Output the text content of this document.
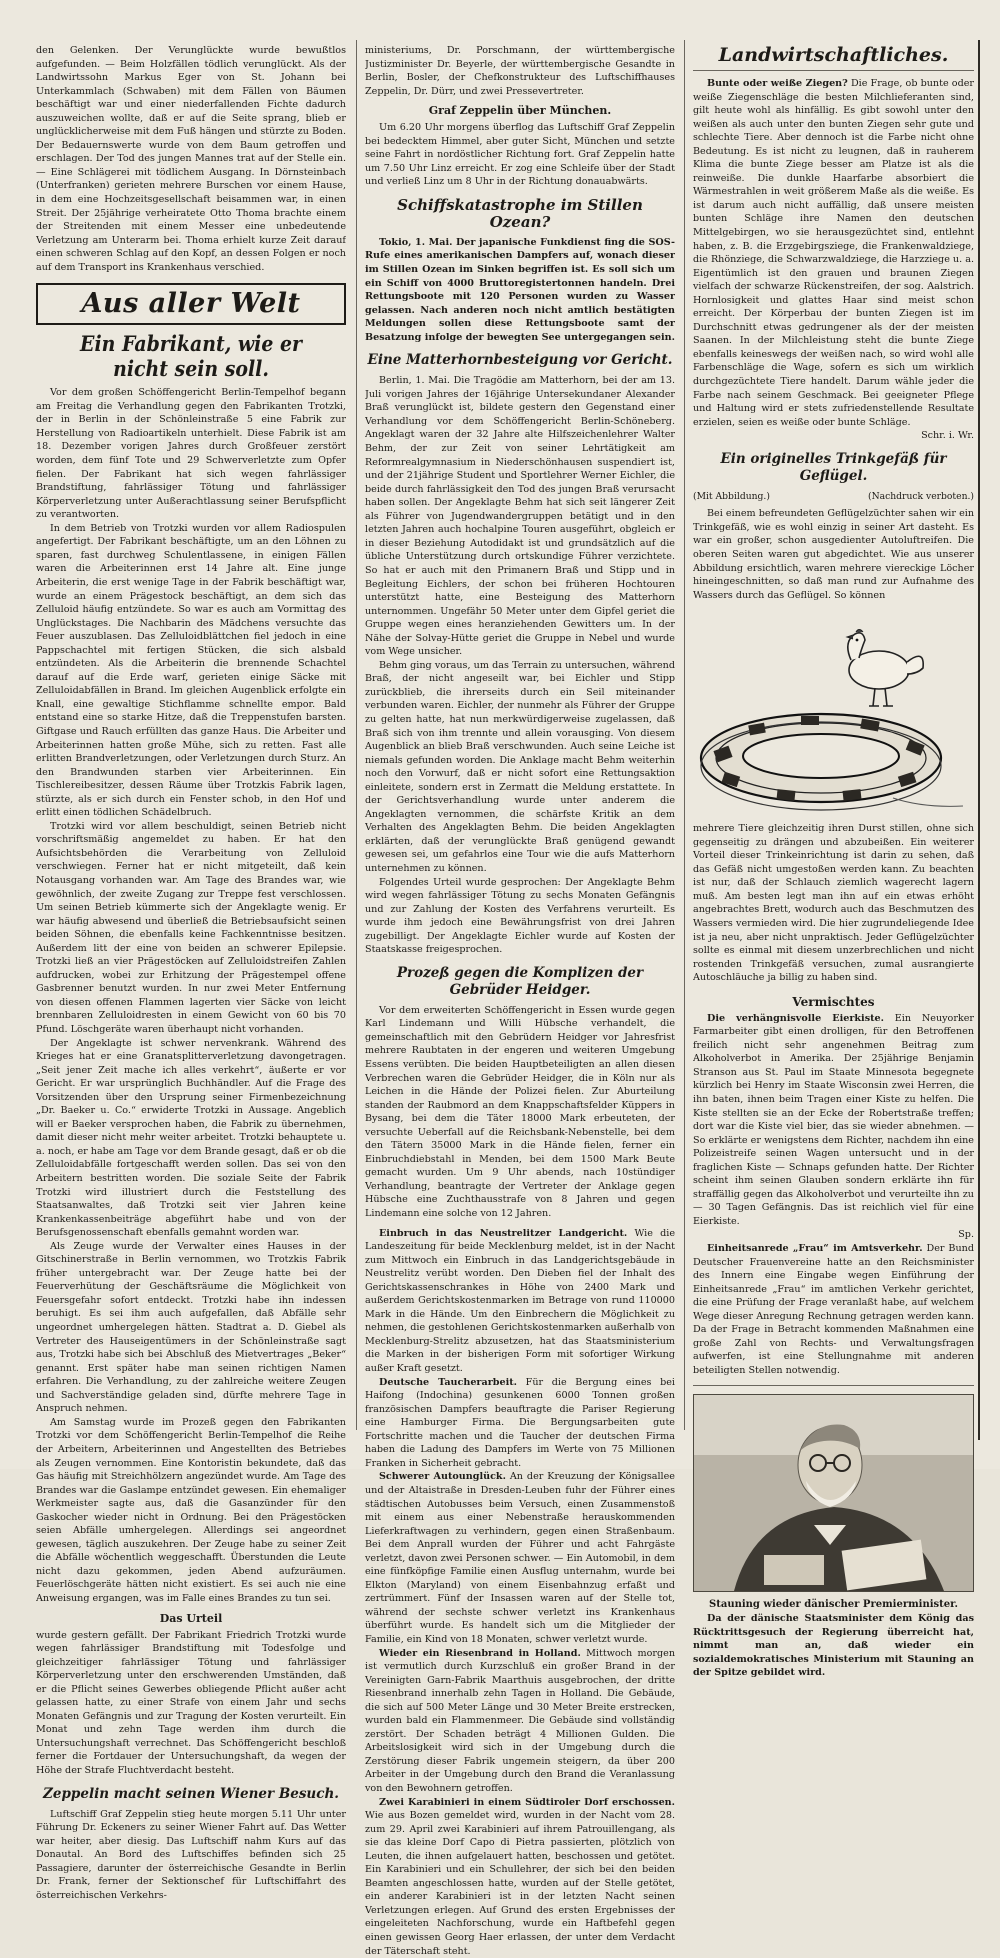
den Gelenken. Der Verunglückte wurde bewußtlos aufgefunden. — Beim Holzfällen tödlich verunglückt. Als der Landwirtssohn Markus Eger von St. Johann bei Unterkammlach (Schwaben) mit dem Fällen von Bäumen beschäftigt war und einer niederfallenden Fichte dadurch auszuweichen wollte, daß er auf die Seite sprang, blieb er unglücklicherweise mit dem Fuß hängen und stürzte zu Boden. Der Bedauernswerte wurde von dem Baum getroffen und erschlagen. Der Tod des jungen Mannes trat auf der Stelle ein. — Eine Schlägerei mit tödlichem Ausgang. In Dörnsteinbach (Unterfranken) gerieten mehrere Burschen vor einem Hause, in dem eine Hochzeitsgesellschaft beisammen war, in einen Streit. Der 25jährige verheiratete Otto Thoma brachte einem der Streitenden mit einem Messer eine unbedeutende Verletzung am Unterarm bei. Thoma erhielt kurze Zeit darauf einen schweren Schlag auf den Kopf, an dessen Folgen er noch auf dem Transport ins Krankenhaus verschied.

Aus aller Welt
Ein Fabrikant, wie er nicht sein soll.

Vor dem großen Schöffengericht Berlin-Tempelhof begann am Freitag die Verhandlung gegen den Fabrikanten Trotzki, der in Berlin in der Schönleinstraße 5 eine Fabrik zur Herstellung von Radioartikeln unterhielt. Diese Fabrik ist am 18. Dezember vorigen Jahres durch Großfeuer zerstört worden, dem fünf Tote und 29 Schwerverletzte zum Opfer fielen. Der Fabrikant hat sich wegen fahrlässiger Brandstiftung, fahrlässiger Tötung und fahrlässiger Körperverletzung unter Außerachtlassung seiner Berufspflicht zu verantworten.

In dem Betrieb von Trotzki wurden vor allem Radiospulen angefertigt. Der Fabrikant beschäftigte, um an den Löhnen zu sparen, fast durchweg Schulentlassene, in einigen Fällen waren die Arbeiterinnen erst 14 Jahre alt. Eine junge Arbeiterin, die erst wenige Tage in der Fabrik beschäftigt war, wurde an einem Prägestock beschäftigt, an dem sich das Zelluloid häufig entzündete. So war es auch am Vormittag des Unglückstages. Die Nachbarin des Mädchens versuchte das Feuer auszublasen. Das Zelluloidblättchen fiel jedoch in eine Pappschachtel mit fertigen Stücken, die sich alsbald entzündeten. Als die Arbeiterin die brennende Schachtel darauf auf die Erde warf, gerieten einige Säcke mit Zelluloidabfällen in Brand. Im gleichen Augenblick erfolgte ein Knall, eine gewaltige Stichflamme schnellte empor. Bald entstand eine so starke Hitze, daß die Treppenstufen barsten. Giftgase und Rauch erfüllten das ganze Haus. Die Arbeiter und Arbeiterinnen hatten große Mühe, sich zu retten. Fast alle erlitten Brandverletzungen, oder Verletzungen durch Sturz. An den Brandwunden starben vier Arbeiterinnen. Ein Tischlereibesitzer, dessen Räume über Trotzkis Fabrik lagen, stürzte, als er sich durch ein Fenster schob, in den Hof und erlitt einen tödlichen Schädelbruch.

Trotzki wird vor allem beschuldigt, seinen Betrieb nicht vorschriftsmäßig angemeldet zu haben. Er hat den Aufsichtsbehörden die Verarbeitung von Zelluloid verschwiegen. Ferner hat er nicht mitgeteilt, daß kein Notausgang vorhanden war. Am Tage des Brandes war, wie gewöhnlich, der zweite Zugang zur Treppe fest verschlossen. Um seinen Betrieb kümmerte sich der Angeklagte wenig. Er war häufig abwesend und überließ die Betriebsaufsicht seinen beiden Söhnen, die ebenfalls keine Fachkenntnisse besitzen. Außerdem litt der eine von beiden an schwerer Epilepsie. Trotzki ließ an vier Prägestöcken auf Zelluloidstreifen Zahlen aufdrucken, wobei zur Erhitzung der Prägestempel offene Gasbrenner benutzt wurden. In nur zwei Meter Entfernung von diesen offenen Flammen lagerten vier Säcke von leicht brennbaren Zelluloidresten in einem Gewicht von 60 bis 70 Pfund. Löschgeräte waren überhaupt nicht vorhanden.

Der Angeklagte ist schwer nervenkrank. Während des Krieges hat er eine Granatsplitterverletzung davongetragen. „Seit jener Zeit mache ich alles verkehrt“, äußerte er vor Gericht. Er war ursprünglich Buchhändler. Auf die Frage des Vorsitzenden über den Ursprung seiner Firmenbezeichnung „Dr. Baeker u. Co.“ erwiderte Trotzki in Aussage. Angeblich will er Baeker versprochen haben, die Fabrik zu übernehmen, damit dieser nicht mehr weiter arbeitet. Trotzki behauptete u. a. noch, er habe am Tage vor dem Brande gesagt, daß er ob die Zelluloidabfälle fortgeschafft werden sollen. Das sei von den Arbeitern bestritten worden. Die soziale Seite der Fabrik Trotzki wird illustriert durch die Feststellung des Staatsanwaltes, daß Trotzki seit vier Jahren keine Krankenkassenbeiträge abgeführt habe und von der Berufsgenossenschaft ebenfalls gemahnt worden war.

Als Zeuge wurde der Verwalter eines Hauses in der Gitschinerstraße in Berlin vernommen, wo Trotzkis Fabrik früher untergebracht war. Der Zeuge hatte bei der Feuerverhütung der Geschäftsräume die Möglichkeit von Feuersgefahr sofort entdeckt. Trotzki habe ihn indessen beruhigt. Es sei ihm auch aufgefallen, daß Abfälle sehr ungeordnet umhergelegen hätten. Stadtrat a. D. Giebel als Vertreter des Hauseigentümers in der Schönleinstraße sagt aus, Trotzki habe sich bei Abschluß des Mietvertrages „Beker“ genannt. Erst später habe man seinen richtigen Namen erfahren. Die Verhandlung, zu der zahlreiche weitere Zeugen und Sachverständige geladen sind, dürfte mehrere Tage in Anspruch nehmen.

Am Samstag wurde im Prozeß gegen den Fabrikanten Trotzki vor dem Schöffengericht Berlin-Tempelhof die Reihe der Arbeitern, Arbeiterinnen und Angestellten des Betriebes als Zeugen vernommen. Eine Kontoristin bekundete, daß das Gas häufig mit Streichhölzern angezündet wurde. Am Tage des Brandes war die Gaslampe entzündet gewesen. Ein ehemaliger Werkmeister sagte aus, daß die Gasanzünder für den Gaskocher wieder nicht in Ordnung. Bei den Prägestöcken seien Abfälle umhergelegen. Allerdings sei angeordnet gewesen, täglich auszukehren. Der Zeuge habe zu seiner Zeit die Abfälle wöchentlich weggeschafft. Überstunden die Leute nicht dazu gekommen, jeden Abend aufzuräumen. Feuerlöschgeräte hätten nicht existiert. Es sei auch nie eine Anweisung ergangen, was im Falle eines Brandes zu tun sei.

Das Urteil

wurde gestern gefällt. Der Fabrikant Friedrich Trotzki wurde wegen fahrlässiger Brandstiftung mit Todesfolge und gleichzeitiger fahrlässiger Tötung und fahrlässiger Körperverletzung unter den erschwerenden Umständen, daß er die Pflicht seines Gewerbes obliegende Pflicht außer acht gelassen hatte, zu einer Strafe von einem Jahr und sechs Monaten Gefängnis und zur Tragung der Kosten verurteilt. Ein Monat und zehn Tage werden ihm durch die Untersuchungshaft verrechnet. Das Schöffengericht beschloß ferner die Fortdauer der Untersuchungshaft, da wegen der Höhe der Strafe Fluchtverdacht besteht.

Zeppelin macht seinen Wiener Besuch.

Luftschiff Graf Zeppelin stieg heute morgen 5.11 Uhr unter Führung Dr. Eckeners zu seiner Wiener Fahrt auf. Das Wetter war heiter, aber diesig. Das Luftschiff nahm Kurs auf das Donautal. An Bord des Luftschiffes befinden sich 25 Passagiere, darunter der österreichische Gesandte in Berlin Dr. Frank, ferner der Sektionschef für Luftschiffahrt des österreichischen Verkehrs-

ministeriums, Dr. Porschmann, der württembergische Justizminister Dr. Beyerle, der württembergische Gesandte in Berlin, Bosler, der Chefkonstrukteur des Luftschiffhauses Zeppelin, Dr. Dürr, und zwei Pressevertreter.

Graf Zeppelin über München.

Um 6.20 Uhr morgens überflog das Luftschiff Graf Zeppelin bei bedecktem Himmel, aber guter Sicht, München und setzte seine Fahrt in nordöstlicher Richtung fort. Graf Zeppelin hatte um 7.50 Uhr Linz erreicht. Er zog eine Schleife über der Stadt und verließ Linz um 8 Uhr in der Richtung donauabwärts.

Schiffskatastrophe im Stillen Ozean?

Tokio, 1. Mai. Der japanische Funkdienst fing die SOS-Rufe eines amerikanischen Dampfers auf, wonach dieser im Stillen Ozean im Sinken begriffen ist. Es soll sich um ein Schiff von 4000 Bruttoregistertonnen handeln. Drei Rettungsboote mit 120 Personen wurden zu Wasser gelassen. Nach anderen noch nicht amtlich bestätigten Meldungen sollen diese Rettungsboote samt der Besatzung infolge der bewegten See untergegangen sein.

Eine Matterhornbesteigung vor Gericht.

Berlin, 1. Mai. Die Tragödie am Matterhorn, bei der am 13. Juli vorigen Jahres der 16jährige Untersekundaner Alexander Braß verunglückt ist, bildete gestern den Gegenstand einer Verhandlung vor dem Schöffengericht Berlin-Schöneberg. Angeklagt waren der 32 Jahre alte Hilfszeichenlehrer Walter Behm, der zur Zeit von seiner Lehrtätigkeit am Reformrealgymnasium in Niederschönhausen suspendiert ist, und der 21jährige Student und Sportlehrer Werner Eichler, die beide durch fahrlässigkeit den Tod des jungen Braß verursacht haben sollen. Der Angeklagte Behm hat sich seit längerer Zeit als Führer von Jugendwandergruppen betätigt und in den letzten Jahren auch hochalpine Touren ausgeführt, obgleich er in dieser Beziehung Autodidakt ist und grundsätzlich auf die übliche Unterstützung durch ortskundige Führer verzichtete. So hat er auch mit den Primanern Braß und Stipp und in Begleitung Eichlers, der schon bei früheren Hochtouren unterstützt hatte, eine Besteigung des Matterhorn unternommen. Ungefähr 50 Meter unter dem Gipfel geriet die Gruppe wegen eines heranziehenden Gewitters um. In der Nähe der Solvay-Hütte geriet die Gruppe in Nebel und wurde vom Wege unsicher.

Behm ging voraus, um das Terrain zu untersuchen, während Braß, der nicht angeseilt war, bei Eichler und Stipp zurückblieb, die ihrerseits durch ein Seil miteinander verbunden waren. Eichler, der nunmehr als Führer der Gruppe zu gelten hatte, hat nun merkwürdigerweise zugelassen, daß Braß sich von ihm trennte und allein vorausging. Von diesem Augenblick an blieb Braß verschwunden. Auch seine Leiche ist niemals gefunden worden. Die Anklage macht Behm weiterhin noch den Vorwurf, daß er nicht sofort eine Rettungsaktion einleitete, sondern erst in Zermatt die Meldung erstattete. In der Gerichtsverhandlung wurde unter anderem die Angeklagten vernommen, die schärfste Kritik an dem Verhalten des Angeklagten Behm. Die beiden Angeklagten erklärten, daß der verunglückte Braß genügend gewandt gewesen sei, um gefahrlos eine Tour wie die aufs Matterhorn unternehmen zu können.

Folgendes Urteil wurde gesprochen: Der Angeklagte Behm wird wegen fahrlässiger Tötung zu sechs Monaten Gefängnis und zur Zahlung der Kosten des Verfahrens verurteilt. Es wurde ihm jedoch eine Bewährungsfrist von drei Jahren zugebilligt. Der Angeklagte Eichler wurde auf Kosten der Staatskasse freigesprochen.

Prozeß gegen die Komplizen der Gebrüder Heidger.

Vor dem erweiterten Schöffengericht in Essen wurde gegen Karl Lindemann und Willi Hübsche verhandelt, die gemeinschaftlich mit den Gebrüdern Heidger vor Jahresfrist mehrere Raubtaten in der engeren und weiteren Umgebung Essens verübten. Die beiden Hauptbeteiligten an allen diesen Verbrechen waren die Gebrüder Heidger, die in Köln nur als Leichen in die Hände der Polizei fielen. Zur Aburteilung standen der Raubmord an dem Knappschaftsfelder Küppers in Bysang, bei dem die Täter 18000 Mark erbeuteten, der versuchte Ueberfall auf die Reichsbank-Nebenstelle, bei dem den Tätern 35000 Mark in die Hände fielen, ferner ein Einbruchdiebstahl in Menden, bei dem 1500 Mark Beute gemacht wurden. Um 9 Uhr abends, nach 10stündiger Verhandlung, beantragte der Vertreter der Anklage gegen Hübsche eine Zuchthausstrafe von 8 Jahren und gegen Lindemann eine solche von 12 Jahren.

Einbruch in das Neustrelitzer Landgericht. Wie die Landeszeitung für beide Mecklenburg meldet, ist in der Nacht zum Mittwoch ein Einbruch in das Landgerichtsgebäude in Neustrelitz verübt worden. Den Dieben fiel der Inhalt des Gerichtskassenschrankes in Höhe von 2400 Mark und außerdem Gerichtskostenmarken im Betrage von rund 110000 Mark in die Hände. Um den Einbrechern die Möglichkeit zu nehmen, die gestohlenen Gerichtskostenmarken außerhalb von Mecklenburg-Strelitz abzusetzen, hat das Staatsministerium die Marken in der bisherigen Form mit sofortiger Wirkung außer Kraft gesetzt.

Deutsche Taucherarbeit. Für die Bergung eines bei Haifong (Indochina) gesunkenen 6000 Tonnen großen französischen Dampfers beauftragte die Pariser Regierung eine Hamburger Firma. Die Bergungsarbeiten gute Fortschritte machen und die Taucher der deutschen Firma haben die Ladung des Dampfers im Werte von 75 Millionen Franken in Sicherheit gebracht.

Schwerer Autounglück. An der Kreuzung der Königsallee und der Altaistraße in Dresden-Leuben fuhr der Führer eines städtischen Autobusses beim Versuch, einen Zusammenstoß mit einem aus einer Nebenstraße herauskommenden Lieferkraftwagen zu verhindern, gegen einen Straßenbaum. Bei dem Anprall wurden der Führer und acht Fahrgäste verletzt, davon zwei Personen schwer. — Ein Automobil, in dem eine fünfköpfige Familie einen Ausflug unternahm, wurde bei Elkton (Maryland) von einem Eisenbahnzug erfaßt und zertrümmert. Fünf der Insassen waren auf der Stelle tot, während der sechste schwer verletzt ins Krankenhaus überführt wurde. Es handelt sich um die Mitglieder der Familie, ein Kind von 18 Monaten, schwer verletzt wurde.

Wieder ein Riesenbrand in Holland. Mittwoch morgen ist vermutlich durch Kurzschluß ein großer Brand in der Vereinigten Garn-Fabrik Maarthuis ausgebrochen, der dritte Riesenbrand innerhalb zehn Tagen in Holland. Die Gebäude, die sich auf 500 Meter Länge und 30 Meter Breite erstrecken, wurden bald ein Flammenmeer. Die Gebäude sind vollständig zerstört. Der Schaden beträgt 4 Millionen Gulden. Die Arbeitslosigkeit wird sich in der Umgebung durch die Zerstörung dieser Fabrik ungemein steigern, da über 200 Arbeiter in der Umgebung durch den Brand die Veranlassung von den Bewohnern getroffen.

Zwei Karabinieri in einem Südtiroler Dorf erschossen. Wie aus Bozen gemeldet wird, wurden in der Nacht vom 28. zum 29. April zwei Karabinieri auf ihrem Patrouillengang, als sie das kleine Dorf Capo di Pietra passierten, plötzlich von Leuten, die ihnen aufgelauert hatten, beschossen und getötet. Ein Karabinieri und ein Schullehrer, der sich bei den beiden Beamten angeschlossen hatte, wurden auf der Stelle getötet, ein anderer Karabinieri ist in der letzten Nacht seinen Verletzungen erlegen. Auf Grund des ersten Ergebnisses der eingeleiteten Nachforschung, wurde ein Haftbefehl gegen einen gewissen Georg Haer erlassen, der unter dem Verdacht der Täterschaft steht.

Landwirtschaftliches.

Bunte oder weiße Ziegen? Die Frage, ob bunte oder weiße Ziegenschläge die besten Milchlieferanten sind, gilt heute wohl als hinfällig. Es gibt sowohl unter den weißen als auch unter den bunten Ziegen sehr gute und schlechte Tiere. Aber dennoch ist die Farbe nicht ohne Bedeutung. Es ist nicht zu leugnen, daß in rauherem Klima die bunte Ziege besser am Platze ist als die reinweiße. Die dunkle Haarfarbe absorbiert die Wärmestrahlen in weit größerem Maße als die weiße. Es ist darum auch nicht auffällig, daß unsere meisten bunten Schläge ihre Namen den deutschen Mittelgebirgen, wo sie herausgezüchtet sind, entlehnt haben, z. B. die Erzgebirgsziege, die Frankenwaldziege, die Rhönziege, die Schwarzwaldziege, die Harzziege u. a. Eigentümlich ist den grauen und braunen Ziegen vielfach der schwarze Rückenstreifen, der sog. Aalstrich. Hornlosigkeit und glattes Haar sind meist schon erreicht. Der Körperbau der bunten Ziegen ist im Durchschnitt etwas gedrungener als der der meisten Saanen. In der Milchleistung steht die bunte Ziege ebenfalls keineswegs der weißen nach, so wird wohl alle Farbenschläge die Wage, sofern es sich um wirklich durchgezüchtete Tiere handelt. Darum wähle jeder die Farbe nach seinem Geschmack. Bei geeigneter Pflege und Haltung wird er stets zufriedenstellende Resultate erzielen, seien es weiße oder bunte Schläge.

Schr. i. Wr.
Ein originelles Trinkgefäß für Geflügel.
(Mit Abbildung.)	(Nachdruck verboten.)

Bei einem befreundeten Geflügelzüchter sahen wir ein Trinkgefäß, wie es wohl einzig in seiner Art dasteht. Es war ein großer, schon ausgedienter Autoluftreifen. Die oberen Seiten waren gut abgedichtet. Wie aus unserer Abbildung ersichtlich, waren mehrere viereckige Löcher hineingeschnitten, so daß man rund zur Aufnahme des Wassers durch das Geflügel. So können

mehrere Tiere gleichzeitig ihren Durst stillen, ohne sich gegenseitig zu drängen und abzubeißen. Ein weiterer Vorteil dieser Trinkeinrichtung ist darin zu sehen, daß das Gefäß nicht umgestoßen werden kann. Zu beachten ist nur, daß der Schlauch ziemlich wagerecht lagern muß. Am besten legt man ihn auf ein etwas erhöht angebrachtes Brett, wodurch auch das Beschmutzen des Wassers vermieden wird. Die hier zugrundeliegende Idee ist ja neu, aber nicht unpraktisch. Jeder Geflügelzüchter sollte es einmal mit diesem unzerbrechlichen und nicht rostenden Trinkgefäß versuchen, zumal ausrangierte Autoschläuche ja billig zu haben sind.

Vermischtes

Die verhängnisvolle Eierkiste. Ein Neuyorker Farmarbeiter gibt einen drolligen, für den Betroffenen freilich nicht sehr angenehmen Beitrag zum Alkoholverbot in Amerika. Der 25jährige Benjamin Stranson aus St. Paul im Staate Minnesota begegnete kürzlich bei Henry im Staate Wisconsin zwei Herren, die ihn baten, ihnen beim Tragen einer Kiste zu helfen. Die Kiste stellten sie an der Ecke der Robertstraße treffen; dort war die Kiste viel bier, das sie wieder abnehmen. — So erklärte er wenigstens dem Richter, nachdem ihn eine Polizeistreife seinen Wagen untersucht und in der fraglichen Kiste — Schnaps gefunden hatte. Der Richter scheint ihm seinen Glauben sondern erklärte ihn für straffällig gegen das Alkoholverbot und verurteilte ihn zu — 30 Tagen Gefängnis. Das ist reichlich viel für eine Eierkiste.

Sp.

Einheitsanrede „Frau“ im Amtsverkehr. Der Bund Deutscher Frauenvereine hatte an den Reichsminister des Innern eine Eingabe wegen Einführung der Einheitsanrede „Frau“ im amtlichen Verkehr gerichtet, die eine Prüfung der Frage veranlaßt habe, auf welchem Wege dieser Anregung Rechnung getragen werden kann. Da der Frage in Betracht kommenden Maßnahmen eine große Zahl von Rechts- und Verwaltungsfragen aufwerfen, ist eine Stellungnahme mit anderen beteiligten Stellen notwendig.

Stauning wieder dänischer Premierminister.

Da der dänische Staatsminister dem König das Rücktrittsgesuch der Regierung überreicht hat, nimmt man an, daß wieder ein sozialdemokratisches Ministerium mit Stauning an der Spitze gebildet wird.
